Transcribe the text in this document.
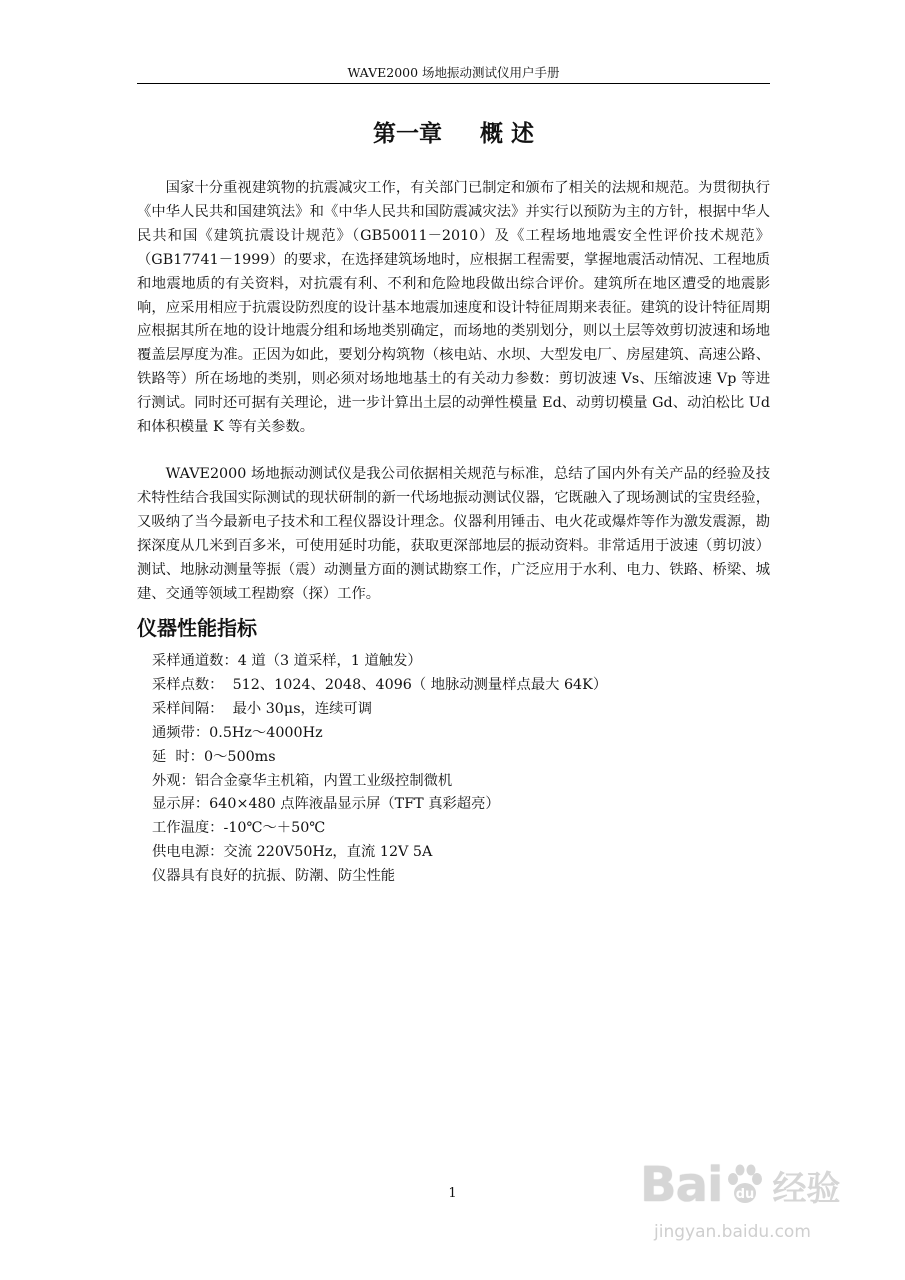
WAVE2000 场地振动测试仪用户手册
第一章 概 述

国家十分重视建筑物的抗震减灾工作，有关部门已制定和颁布了相关的法规和规范。为贯彻执行《中华人民共和国建筑法》和《中华人民共和国防震减灾法》并实行以预防为主的方针，根据中华人民共和国《建筑抗震设计规范》（GB50011－2010）及《工程场地地震安全性评价技术规范》（GB17741－1999）的要求，在选择建筑场地时，应根据工程需要，掌握地震活动情况、工程地质和地震地质的有关资料，对抗震有利、不利和危险地段做出综合评价。建筑所在地区遭受的地震影响，应采用相应于抗震设防烈度的设计基本地震加速度和设计特征周期来表征。建筑的设计特征周期应根据其所在地的设计地震分组和场地类别确定，而场地的类别划分，则以土层等效剪切波速和场地覆盖层厚度为准。正因为如此，要划分构筑物（核电站、水坝、大型发电厂、房屋建筑、高速公路、铁路等）所在场地的类别，则必须对场地地基土的有关动力参数：剪切波速 Vs、压缩波速 Vp 等进行测试。同时还可据有关理论，进一步计算出土层的动弹性模量 Ed、动剪切模量 Gd、动泊松比 Ud 和体积模量 K 等有关参数。

WAVE2000 场地振动测试仪是我公司依据相关规范与标准，总结了国内外有关产品的经验及技术特性结合我国实际测试的现状研制的新一代场地振动测试仪器，它既融入了现场测试的宝贵经验，又吸纳了当今最新电子技术和工程仪器设计理念。仪器利用锤击、电火花或爆炸等作为激发震源，勘探深度从几米到百多米，可使用延时功能，获取更深部地层的振动资料。非常适用于波速（剪切波）测试、地脉动测量等振（震）动测量方面的测试勘察工作，广泛应用于水利、电力、铁路、桥梁、城建、交通等领域工程勘察（探）工作。

仪器性能指标
采样通道数：4 道（3 道采样，1 道触发）
采样点数：  512、1024、2048、4096（ 地脉动测量样点最大 64K）
采样间隔：  最小 30μs，连续可调
通频带：0.5Hz～4000Hz
延  时：0～500ms
外观：铝合金豪华主机箱，内置工业级控制微机
显示屏：640×480 点阵液晶显示屏（TFT 真彩超亮）
工作温度：-10℃～＋50℃
供电电源：交流 220V50Hz，直流 12V 5A
仪器具有良好的抗振、防潮、防尘性能
1	Bai du 经验
jingyan.baidu.com
